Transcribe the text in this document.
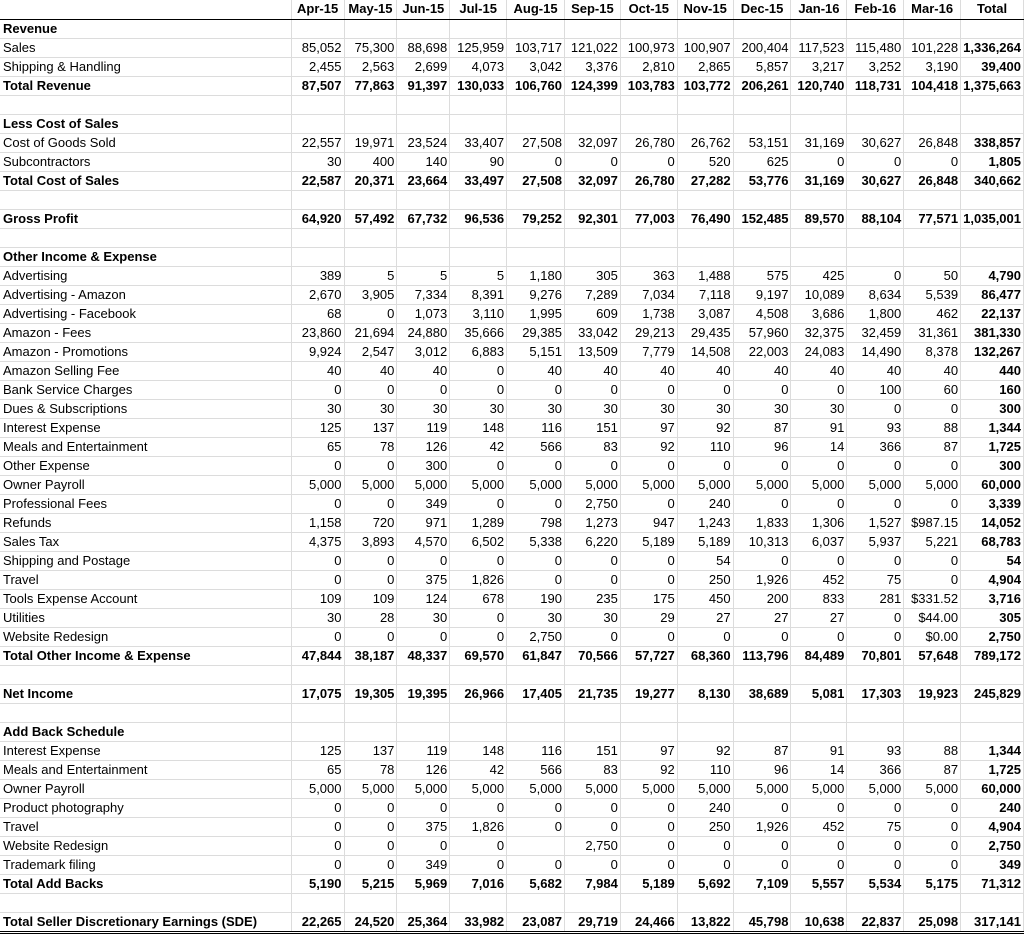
	Apr-15	May-15	Jun-15	Jul-15	Aug-15	Sep-15	Oct-15	Nov-15	Dec-15	Jan-16	Feb-16	Mar-16	Total
Revenue													
Sales	85,052	75,300	88,698	125,959	103,717	121,022	100,973	100,907	200,404	117,523	115,480	101,228	1,336,264
Shipping & Handling	2,455	2,563	2,699	4,073	3,042	3,376	2,810	2,865	5,857	3,217	3,252	3,190	39,400
Total Revenue	87,507	77,863	91,397	130,033	106,760	124,399	103,783	103,772	206,261	120,740	118,731	104,418	1,375,663

Less Cost of Sales													
Cost of Goods Sold	22,557	19,971	23,524	33,407	27,508	32,097	26,780	26,762	53,151	31,169	30,627	26,848	338,857
Subcontractors	30	400	140	90	0	0	0	520	625	0	0	0	1,805
Total Cost of Sales	22,587	20,371	23,664	33,497	27,508	32,097	26,780	27,282	53,776	31,169	30,627	26,848	340,662

Gross Profit	64,920	57,492	67,732	96,536	79,252	92,301	77,003	76,490	152,485	89,570	88,104	77,571	1,035,001

Other Income & Expense													
Advertising	389	5	5	5	1,180	305	363	1,488	575	425	0	50	4,790
Advertising - Amazon	2,670	3,905	7,334	8,391	9,276	7,289	7,034	7,118	9,197	10,089	8,634	5,539	86,477
Advertising - Facebook	68	0	1,073	3,110	1,995	609	1,738	3,087	4,508	3,686	1,800	462	22,137
Amazon - Fees	23,860	21,694	24,880	35,666	29,385	33,042	29,213	29,435	57,960	32,375	32,459	31,361	381,330
Amazon - Promotions	9,924	2,547	3,012	6,883	5,151	13,509	7,779	14,508	22,003	24,083	14,490	8,378	132,267
Amazon Selling Fee	40	40	40	0	40	40	40	40	40	40	40	40	440
Bank Service Charges	0	0	0	0	0	0	0	0	0	0	100	60	160
Dues & Subscriptions	30	30	30	30	30	30	30	30	30	30	0	0	300
Interest Expense	125	137	119	148	116	151	97	92	87	91	93	88	1,344
Meals and Entertainment	65	78	126	42	566	83	92	110	96	14	366	87	1,725
Other Expense	0	0	300	0	0	0	0	0	0	0	0	0	300
Owner Payroll	5,000	5,000	5,000	5,000	5,000	5,000	5,000	5,000	5,000	5,000	5,000	5,000	60,000
Professional Fees	0	0	349	0	0	2,750	0	240	0	0	0	0	3,339
Refunds	1,158	720	971	1,289	798	1,273	947	1,243	1,833	1,306	1,527	$987.15	14,052
Sales Tax	4,375	3,893	4,570	6,502	5,338	6,220	5,189	5,189	10,313	6,037	5,937	5,221	68,783
Shipping and Postage	0	0	0	0	0	0	0	54	0	0	0	0	54
Travel	0	0	375	1,826	0	0	0	250	1,926	452	75	0	4,904
Tools Expense Account	109	109	124	678	190	235	175	450	200	833	281	$331.52	3,716
Utilities	30	28	30	0	30	30	29	27	27	27	0	$44.00	305
Website Redesign	0	0	0	0	2,750	0	0	0	0	0	0	$0.00	2,750
Total Other Income & Expense	47,844	38,187	48,337	69,570	61,847	70,566	57,727	68,360	113,796	84,489	70,801	57,648	789,172

Net Income	17,075	19,305	19,395	26,966	17,405	21,735	19,277	8,130	38,689	5,081	17,303	19,923	245,829

Add Back Schedule													
Interest Expense	125	137	119	148	116	151	97	92	87	91	93	88	1,344
Meals and Entertainment	65	78	126	42	566	83	92	110	96	14	366	87	1,725
Owner Payroll	5,000	5,000	5,000	5,000	5,000	5,000	5,000	5,000	5,000	5,000	5,000	5,000	60,000
Product photography	0	0	0	0	0	0	0	240	0	0	0	0	240
Travel	0	0	375	1,826	0	0	0	250	1,926	452	75	0	4,904
Website Redesign	0	0	0	0		2,750	0	0	0	0	0	0	2,750
Trademark filing	0	0	349	0	0	0	0	0	0	0	0	0	349
Total Add Backs	5,190	5,215	5,969	7,016	5,682	7,984	5,189	5,692	7,109	5,557	5,534	5,175	71,312

Total Seller Discretionary Earnings (SDE)	22,265	24,520	25,364	33,982	23,087	29,719	24,466	13,822	45,798	10,638	22,837	25,098	317,141
